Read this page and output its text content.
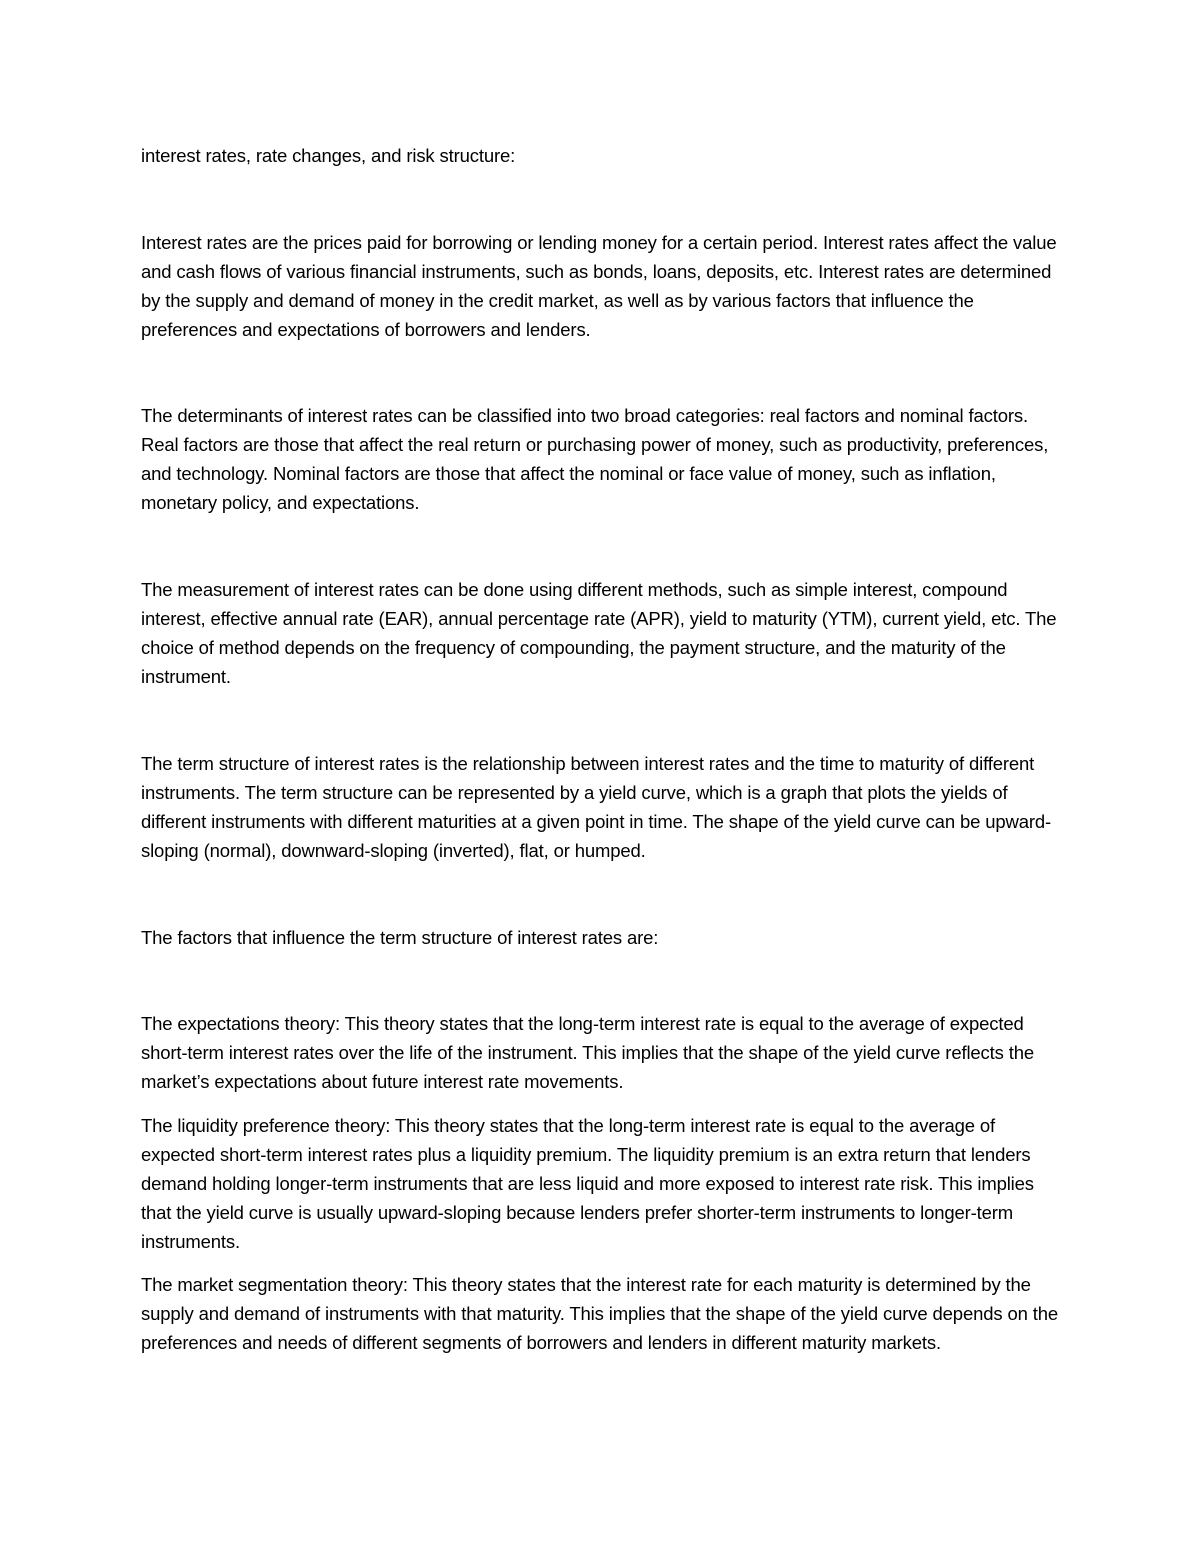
interest rates, rate changes, and risk structure:

Interest rates are the prices paid for borrowing or lending money for a certain period. Interest rates affect the value and cash flows of various financial instruments, such as bonds, loans, deposits, etc. Interest rates are determined by the supply and demand of money in the credit market, as well as by various factors that influence the preferences and expectations of borrowers and lenders.

The determinants of interest rates can be classified into two broad categories: real factors and nominal factors. Real factors are those that affect the real return or purchasing power of money, such as productivity, preferences, and technology. Nominal factors are those that affect the nominal or face value of money, such as inflation, monetary policy, and expectations.

The measurement of interest rates can be done using different methods, such as simple interest, compound interest, effective annual rate (EAR), annual percentage rate (APR), yield to maturity (YTM), current yield, etc. The choice of method depends on the frequency of compounding, the payment structure, and the maturity of the instrument.

The term structure of interest rates is the relationship between interest rates and the time to maturity of different instruments. The term structure can be represented by a yield curve, which is a graph that plots the yields of different instruments with different maturities at a given point in time. The shape of the yield curve can be upward-sloping (normal), downward-sloping (inverted), flat, or humped.

The factors that influence the term structure of interest rates are:

The expectations theory: This theory states that the long-term interest rate is equal to the average of expected short-term interest rates over the life of the instrument. This implies that the shape of the yield curve reflects the market’s expectations about future interest rate movements.

The liquidity preference theory: This theory states that the long-term interest rate is equal to the average of expected short-term interest rates plus a liquidity premium. The liquidity premium is an extra return that lenders demand holding longer-term instruments that are less liquid and more exposed to interest rate risk. This implies that the yield curve is usually upward-sloping because lenders prefer shorter-term instruments to longer-term instruments.

The market segmentation theory: This theory states that the interest rate for each maturity is determined by the supply and demand of instruments with that maturity. This implies that the shape of the yield curve depends on the preferences and needs of different segments of borrowers and lenders in different maturity markets.
